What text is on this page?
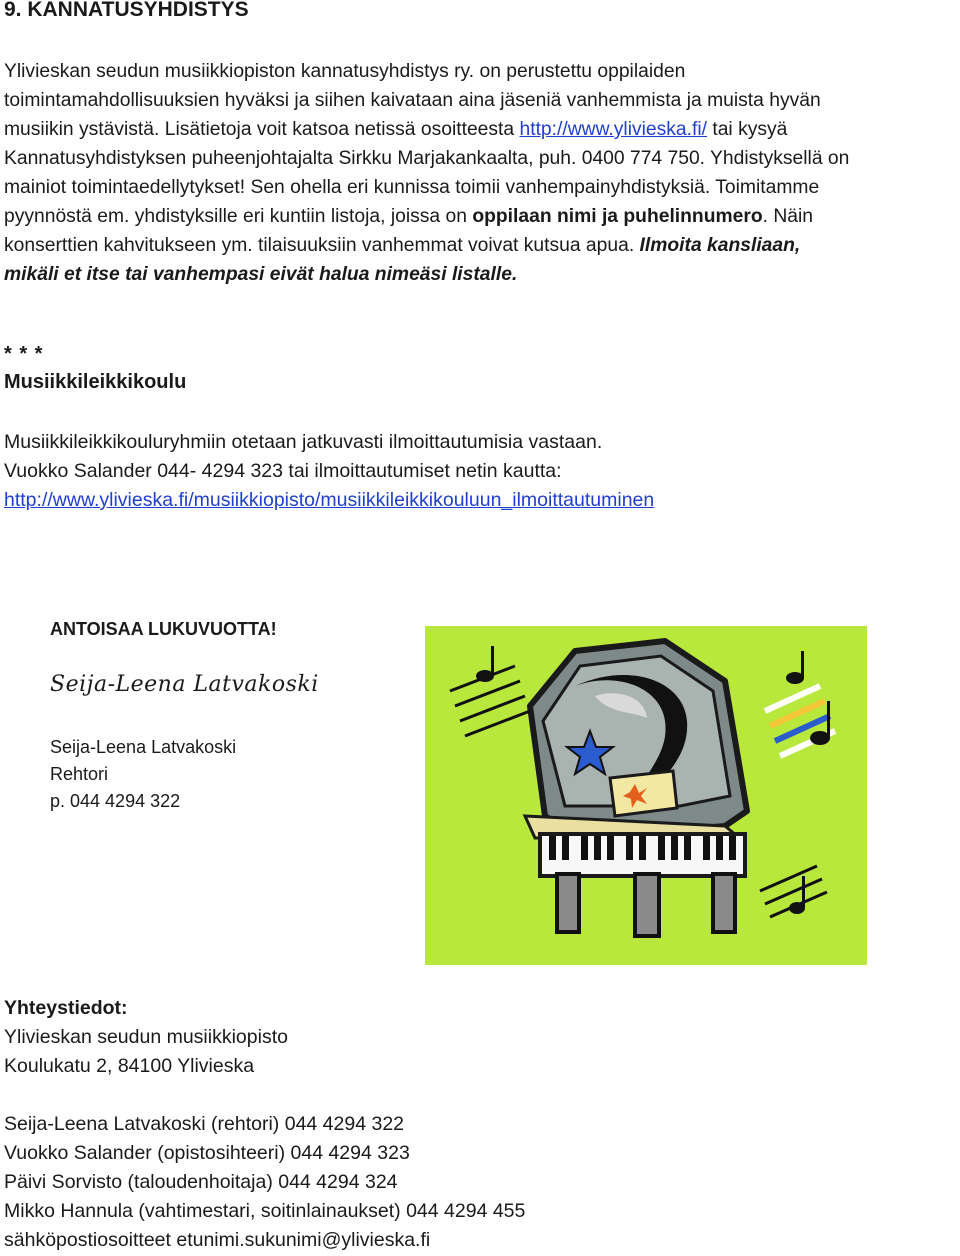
9. KANNATUSYHDISTYS
Ylivieskan seudun musiikkiopiston kannatusyhdistys ry. on perustettu oppilaiden
toimintamahdollisuuksien hyväksi ja siihen kaivataan aina jäseniä vanhemmista ja muista hyvän
musiikin ystävistä. Lisätietoja voit katsoa netissä osoitteesta http://www.ylivieska.fi/ tai kysyä
Kannatusyhdistyksen puheenjohtajalta Sirkku Marjakankaalta, puh. 0400 774 750. Yhdistyksellä on
mainiot toimintaedellytykset! Sen ohella eri kunnissa toimii vanhempainyhdistyksiä. Toimitamme
pyynnöstä em. yhdistyksille eri kuntiin listoja, joissa on oppilaan nimi ja puhelinnumero. Näin
konserttien kahvitukseen ym. tilaisuuksiin vanhemmat voivat kutsua apua. Ilmoita kansliaan,
mikäli et itse tai vanhempasi eivät halua nimeäsi listalle.
* * *
Musiikkileikkikoulu
Musiikkileikkikouluryhmiin otetaan jatkuvasti ilmoittautumisia vastaan.
Vuokko Salander 044- 4294 323 tai ilmoittautumiset netin kautta:
http://www.ylivieska.fi/musiikkiopisto/musiikkileikkikouluun_ilmoittautuminen
ANTOISAA LUKUVUOTTA!
Seija-Leena Latvakoski
Seija-Leena Latvakoski
Rehtori
p. 044 4294 322
Yhteystiedot:
Ylivieskan seudun musiikkiopisto
Koulukatu 2, 84100 Ylivieska
Seija-Leena Latvakoski (rehtori) 044 4294 322
Vuokko Salander (opistosihteeri) 044 4294 323
Päivi Sorvisto (taloudenhoitaja) 044 4294 324
Mikko Hannula (vahtimestari, soitinlainaukset) 044 4294 455
sähköpostiosoitteet etunimi.sukunimi@ylivieska.fi
